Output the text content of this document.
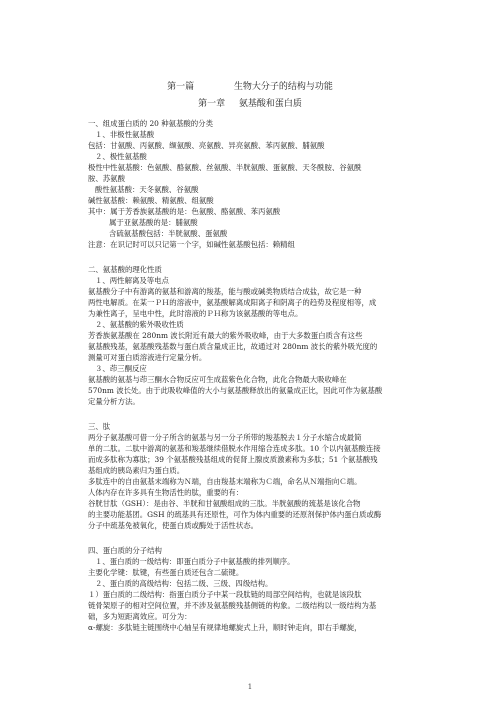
第一篇	生物大分子的结构与功能
第一章 氨基酸和蛋白质
一、组成蛋白质的 20 种氨基酸的分类
１、非极性氨基酸
包括：甘氨酸、丙氨酸、缬氨酸、亮氨酸、异亮氨酸、苯丙氨酸、脯氨酸
２、极性氨基酸
极性中性氨基酸：色氨酸、酪氨酸、丝氨酸、半胱氨酸、蛋氨酸、天冬酰胺、谷氨酰
胺、苏氨酸
酸性氨基酸：天冬氨酸、谷氨酸
碱性氨基酸：赖氨酸、精氨酸、组氨酸
其中：属于芳香族氨基酸的是：色氨酸、酪氨酸、苯丙氨酸
属于亚氨基酸的是：脯氨酸
含硫氨基酸包括：半胱氨酸、蛋氨酸
注意：在识记时可以只记第一个字，如碱性氨基酸包括：赖精组
二、氨基酸的理化性质
１、两性解离及等电点
氨基酸分子中有游离的氨基和游离的羧基，能与酸或碱类物质结合成盐，故它是一种
两性电解质。在某一ＰＨ的溶液中，氨基酸解离成阳离子和阴离子的趋势及程度相等，成
为兼性离子，呈电中性，此时溶液的ＰＨ称为该氨基酸的等电点。
２、氨基酸的紫外吸收性质
芳香族氨基酸在 280nm 波长附近有最大的紫外吸收峰，由于大多数蛋白质含有这些
氨基酸残基，氨基酸残基数与蛋白质含量成正比，故通过对 280nm 波长的紫外吸光度的
测量可对蛋白质溶液进行定量分析。
３、茚三酮反应
氨基酸的氨基与茚三酮水合物反应可生成蓝紫色化合物，此化合物最大吸收峰在
570nm 波长处。由于此吸收峰值的大小与氨基酸释放出的氨量成正比，因此可作为氨基酸
定量分析方法。
三、肽
两分子氨基酸可借一分子所含的氨基与另一分子所带的羧基脱去１分子水缩合成最简
单的二肽。二肽中游离的氨基和羧基继续借脱水作用缩合连成多肽。10 个以内氨基酸连接
而成多肽称为寡肽；39 个氨基酸残基组成的促肾上腺皮质激素称为多肽；51 个氨基酸残
基组成的胰岛素归为蛋白质。
多肽连中的自由氨基末端称为Ｎ端，自由羧基末端称为Ｃ端，命名从Ｎ端指向Ｃ端。
人体内存在许多具有生物活性的肽，重要的有：
谷胱甘肽（GSH）：是由谷、半胱和甘氨酸组成的三肽。半胱氨酸的巯基是该化合物
的主要功能基团。GSH 的巯基具有还原性，可作为体内重要的还原剂保护体内蛋白质或酶
分子中巯基免被氧化，使蛋白质或酶处于活性状态。
四、蛋白质的分子结构
１、蛋白质的一级结构：即蛋白质分子中氨基酸的排列顺序。
主要化学键：肽键，有些蛋白质还包含二硫键。
２、蛋白质的高级结构：包括二级、三级、四级结构。
１）蛋白质的二级结构：指蛋白质分子中某一段肽链的局部空间结构，也就是该段肽
链骨架原子的相对空间位置，并不涉及氨基酸残基侧链的构象。二级结构以一级结构为基
础，多为短距离效应。可分为：
α-螺旋：多肽链主链围绕中心轴呈有规律地螺旋式上升，顺时钟走向，即右手螺旋，
1
